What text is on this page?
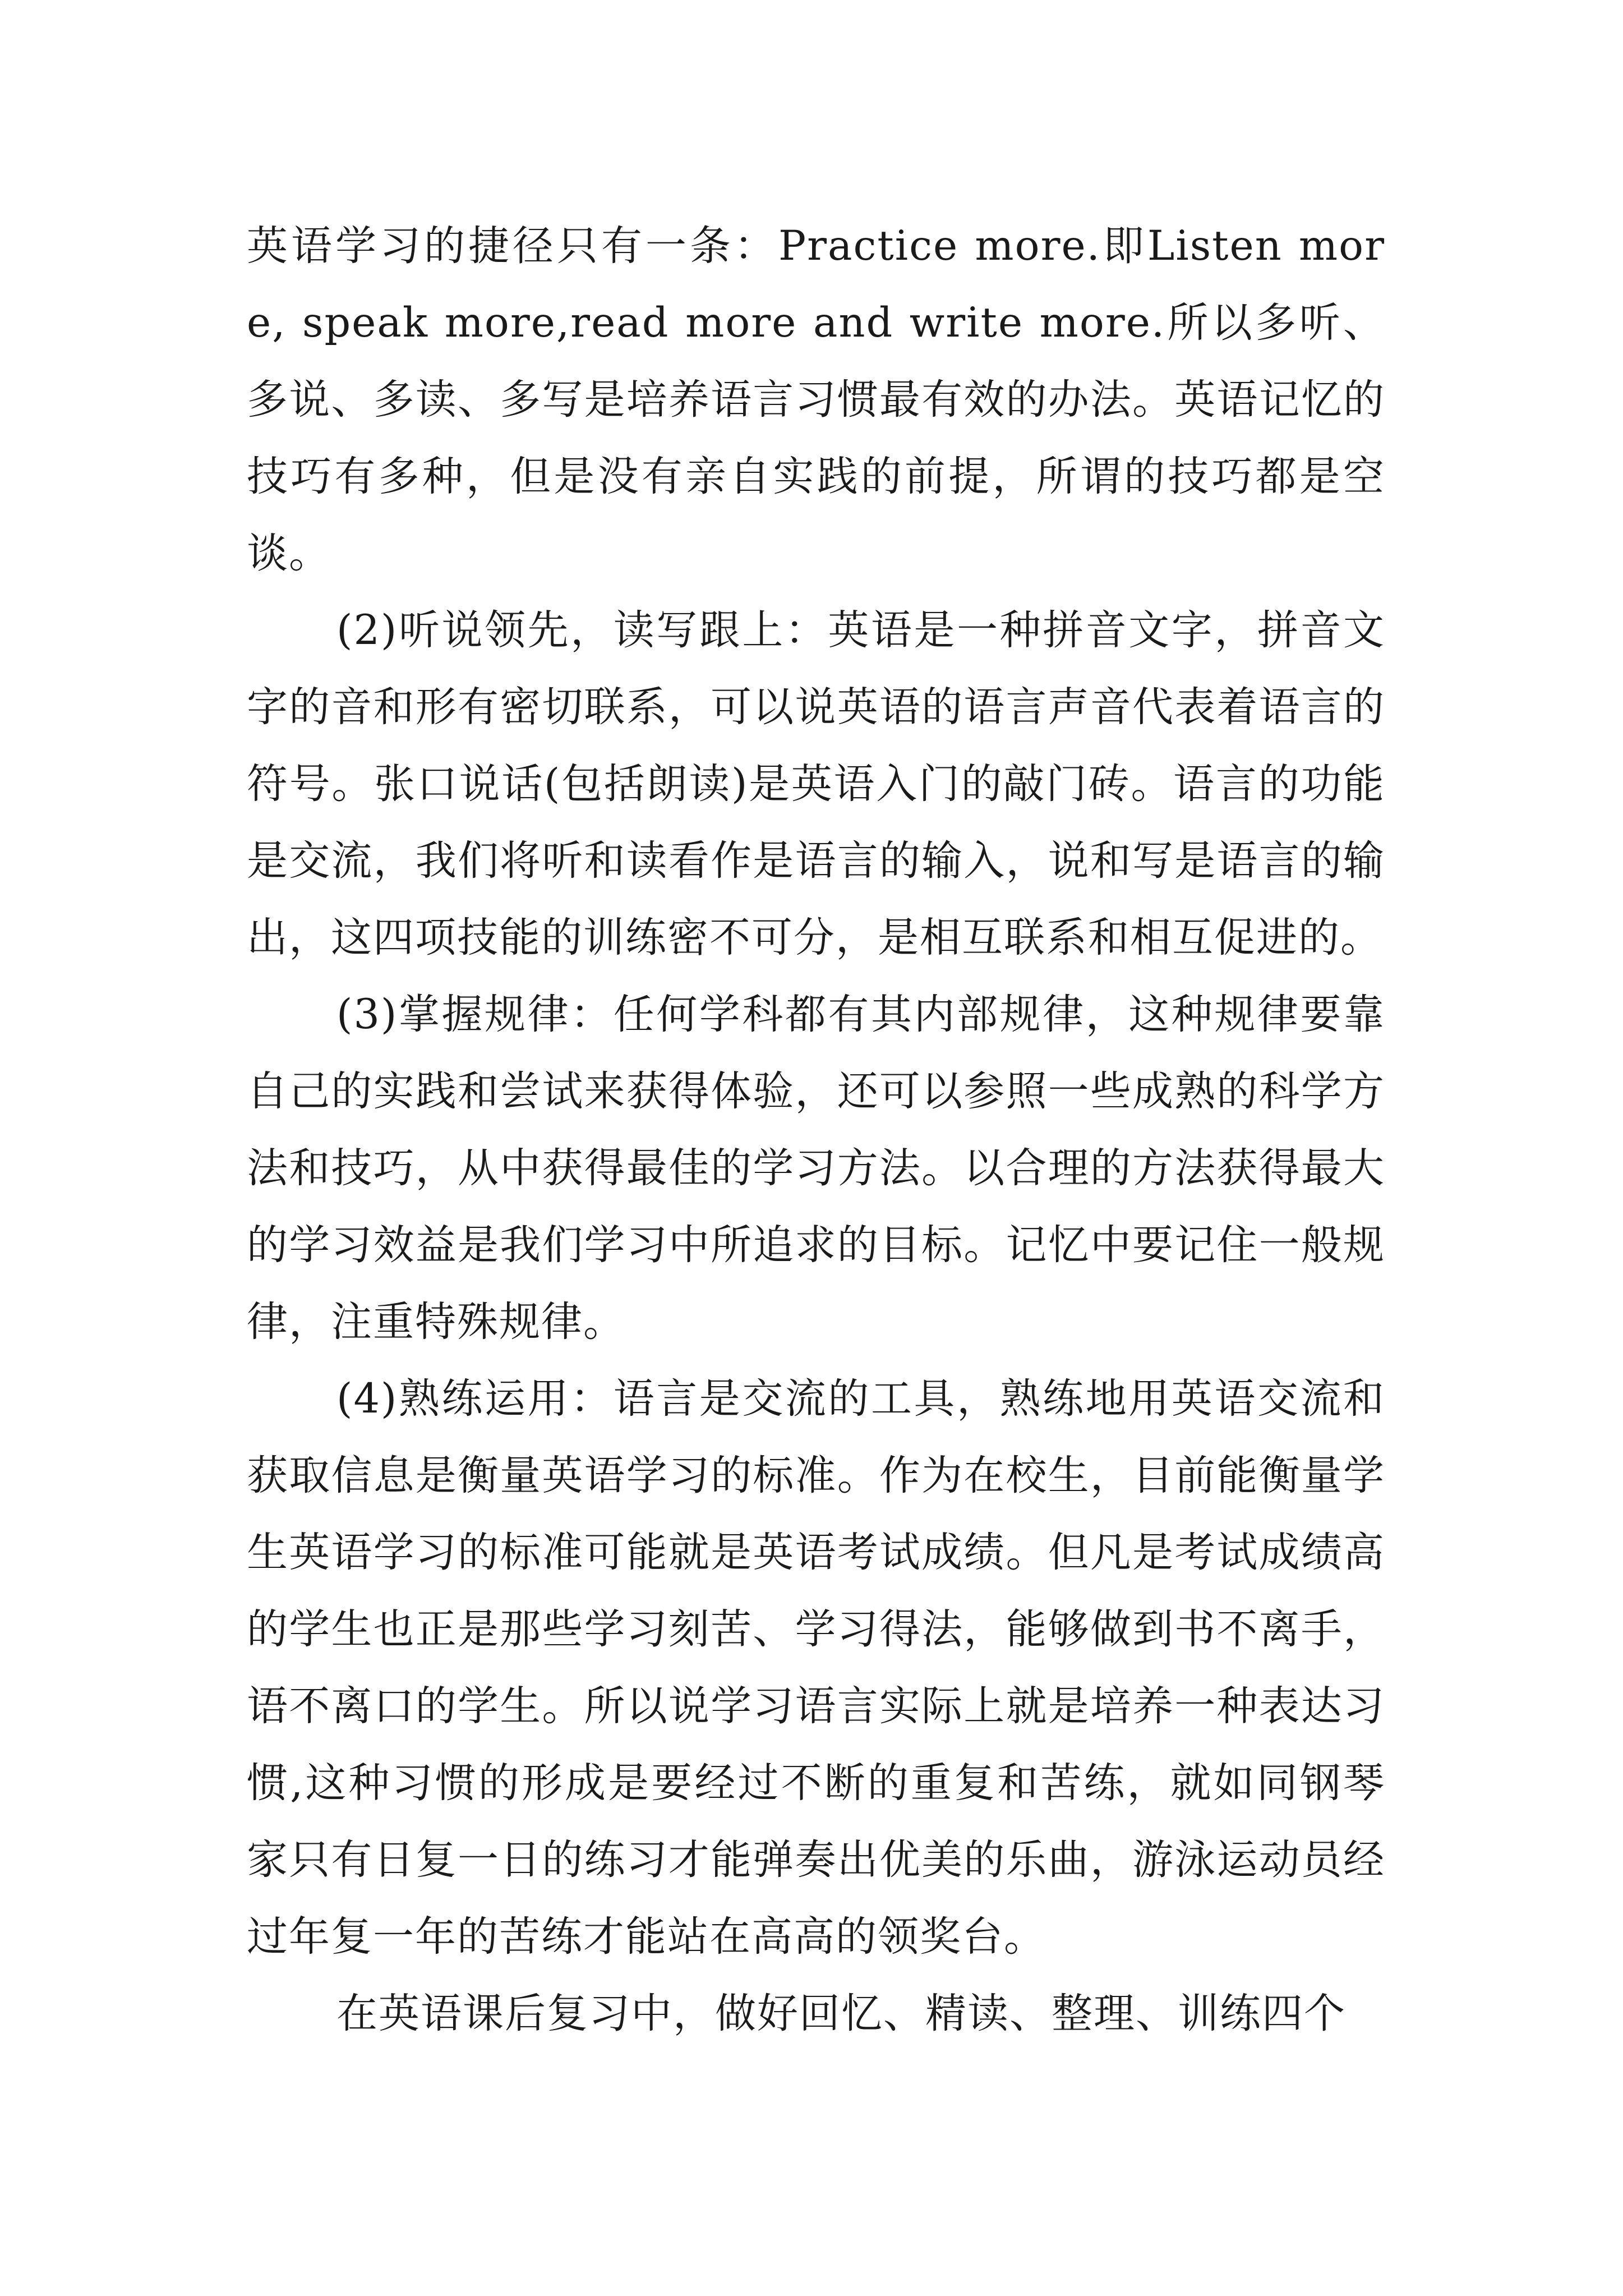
英语学习的捷径只有一条：Practice more.即Listen more, speak more,read more and write more.所以多听、多说、多读、多写是培养语言习惯最有效的办法。英语记忆的技巧有多种，但是没有亲自实践的前提，所谓的技巧都是空谈。

(2)听说领先，读写跟上：英语是一种拼音文字，拼音文字的音和形有密切联系，可以说英语的语言声音代表着语言的符号。张口说话(包括朗读)是英语入门的敲门砖。语言的功能是交流，我们将听和读看作是语言的输入，说和写是语言的输出，这四项技能的训练密不可分，是相互联系和相互促进的。

(3)掌握规律：任何学科都有其内部规律，这种规律要靠自己的实践和尝试来获得体验，还可以参照一些成熟的科学方法和技巧，从中获得最佳的学习方法。以合理的方法获得最大的学习效益是我们学习中所追求的目标。记忆中要记住一般规律，注重特殊规律。

(4)熟练运用：语言是交流的工具，熟练地用英语交流和获取信息是衡量英语学习的标准。作为在校生，目前能衡量学生英语学习的标准可能就是英语考试成绩。但凡是考试成绩高的学生也正是那些学习刻苦、学习得法，能够做到书不离手，语不离口的学生。所以说学习语言实际上就是培养一种表达习惯,这种习惯的形成是要经过不断的重复和苦练，就如同钢琴家只有日复一日的练习才能弹奏出优美的乐曲，游泳运动员经过年复一年的苦练才能站在高高的领奖台。

在英语课后复习中，做好回忆、精读、整理、训练四个
